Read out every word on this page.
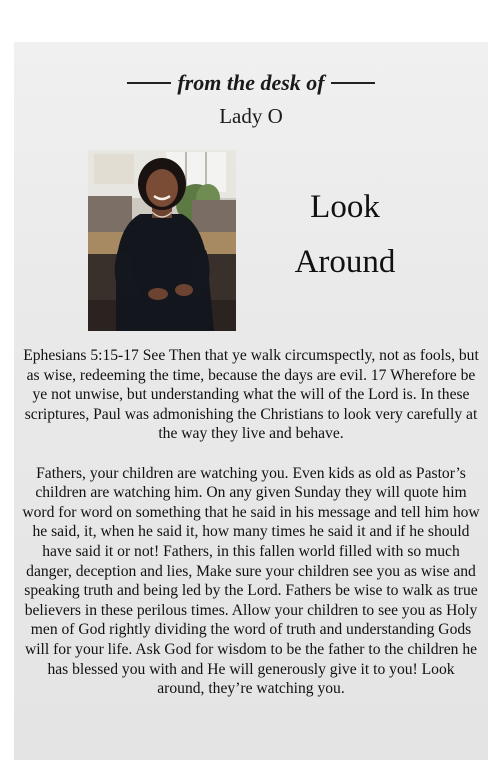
from the desk of
Lady O
Look
Around

Ephesians 5:15-17 See Then that ye walk circumspectly, not as fools, but as wise, redeeming the time, because the days are evil. 17 Wherefore be ye not unwise, but understanding what the will of the Lord is. In these scriptures, Paul was admonishing the Christians to look very carefully at the way they live and behave.

Fathers, your children are watching you. Even kids as old as Pastor’s children are watching him. On any given Sunday they will quote him word for word on something that he said in his message and tell him how he said, it, when he said it, how many times he said it and if he should have said it or not! Fathers, in this fallen world filled with so much danger, deception and lies, Make sure your children see you as wise and speaking truth and being led by the Lord. Fathers be wise to walk as true believers in these perilous times. Allow your children to see you as Holy men of God rightly dividing the word of truth and understanding Gods will for your life. Ask God for wisdom to be the father to the children he has blessed you with and He will generously give it to you! Look around, they’re watching you.
